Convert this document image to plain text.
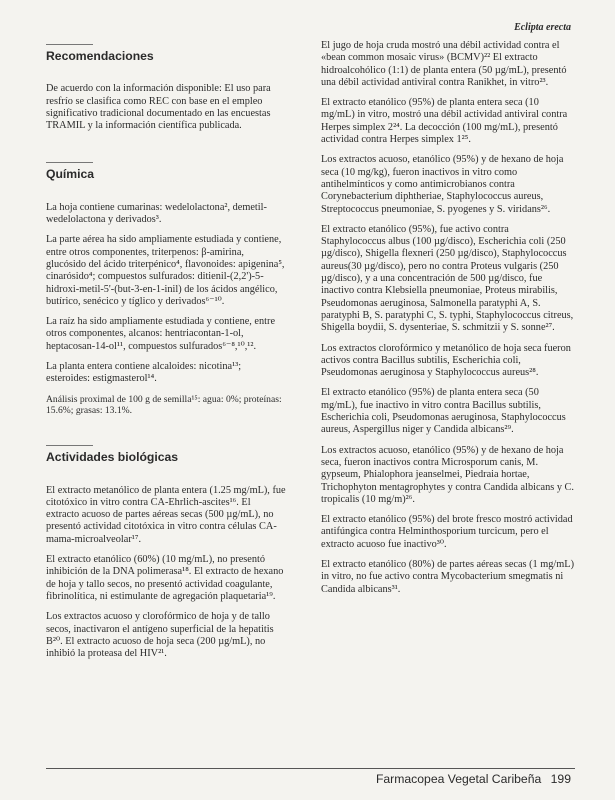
Eclipta erecta
Recomendaciones

De acuerdo con la información disponible: El uso para resfrío se clasifica como REC con base en el empleo significativo tradicional documentado en las encuestas TRAMIL y la información científica publicada.

Química

La hoja contiene cumarinas: wedelolactona², demetil-wedelolactona y derivados³.

La parte aérea ha sido ampliamente estudiada y contiene, entre otros componentes, triterpenos: β-amirina, glucósido del ácido triterpénico⁴, flavonoides: apigenina⁵, cinarósido⁴; compuestos sulfurados: ditienil-(2,2')-5-hidroxi-metil-5'-(but-3-en-1-inil) de los ácidos angélico, butírico, senécico y tíglico y derivados⁶⁻¹⁰.

La raíz ha sido ampliamente estudiada y contiene, entre otros componentes, alcanos: hentriacontan-1-ol, heptacosan-14-ol¹¹, compuestos sulfurados⁶⁻⁸,¹⁰,¹².

La planta entera contiene alcaloides: nicotina¹³; esteroides: estigmasterol¹⁴.

Análisis proximal de 100 g de semilla¹⁵: agua: 0%; proteínas: 15.6%; grasas: 13.1%.

Actividades biológicas

El extracto metanólico de planta entera (1.25 mg/mL), fue citotóxico in vitro contra CA-Ehrlich-ascites¹⁶. El extracto acuoso de partes aéreas secas (500 µg/mL), no presentó actividad citotóxica in vitro contra células CA-mama-microalveolar¹⁷.

El extracto etanólico (60%) (10 mg/mL), no presentó inhibición de la DNA polimerasa¹⁸. El extracto de hexano de hoja y tallo secos, no presentó actividad coagulante, fibrinolítica, ni estimulante de agregación plaquetaria¹⁹.

Los extractos acuoso y clorofórmico de hoja y de tallo secos, inactivaron el antígeno superficial de la hepatitis B²⁰. El extracto acuoso de hoja seca (200 µg/mL), no inhibió la proteasa del HIV²¹.

El jugo de hoja cruda mostró una débil actividad contra el «bean common mosaic virus» (BCMV)²² El extracto hidroalcohólico (1:1) de planta entera (50 µg/mL), presentó una débil actividad antiviral contra Ranikhet, in vitro²³.

El extracto etanólico (95%) de planta entera seca (10 mg/mL) in vitro, mostró una débil actividad antiviral contra Herpes simplex 2²⁴. La decocción (100 mg/mL), presentó actividad contra Herpes simplex 1²⁵.

Los extractos acuoso, etanólico (95%) y de hexano de hoja seca (10 mg/kg), fueron inactivos in vitro como antihelmínticos y como antimicrobianos contra Corynebacterium diphtheriae, Staphylococcus aureus, Streptococcus pneumoniae, S. pyogenes y S. viridans²⁶.

El extracto etanólico (95%), fue activo contra Staphylococcus albus (100 µg/disco), Escherichia coli (250 µg/disco), Shigella flexneri (250 µg/disco), Staphylococcus aureus(30 µg/disco), pero no contra Proteus vulgaris (250 µg/disco), y a una concentración de 500 µg/disco, fue inactivo contra Klebsiella pneumoniae, Proteus mirabilis, Pseudomonas aeruginosa, Salmonella paratyphi A, S. paratyphi B, S. paratyphi C, S. typhi, Staphylococcus citreus, Shigella boydii, S. dysenteriae, S. schmitzii y S. sonne²⁷.

Los extractos clorofórmico y metanólico de hoja seca fueron activos contra Bacillus subtilis, Escherichia coli, Pseudomonas aeruginosa y Staphylococcus aureus²⁸.

El extracto etanólico (95%) de planta entera seca (50 mg/mL), fue inactivo in vitro contra Bacillus subtilis, Escherichia coli, Pseudomonas aeruginosa, Staphylococcus aureus, Aspergillus niger y Candida albicans²⁹.

Los extractos acuoso, etanólico (95%) y de hexano de hoja seca, fueron inactivos contra Microsporum canis, M. gypseum, Phialophora jeanselmei, Piedraia hortae, Trichophyton mentagrophytes y contra Candida albicans y C. tropicalis (10 mg/m)²⁶.

El extracto etanólico (95%) del brote fresco mostró actividad antifúngica contra Helminthosporium turcicum, pero el extracto acuoso fue inactivo³⁰.

El extracto etanólico (80%) de partes aéreas secas (1 mg/mL) in vitro, no fue activo contra Mycobacterium smegmatis ni Candida albicans³¹.

Farmacopea Vegetal Caribeña 199
